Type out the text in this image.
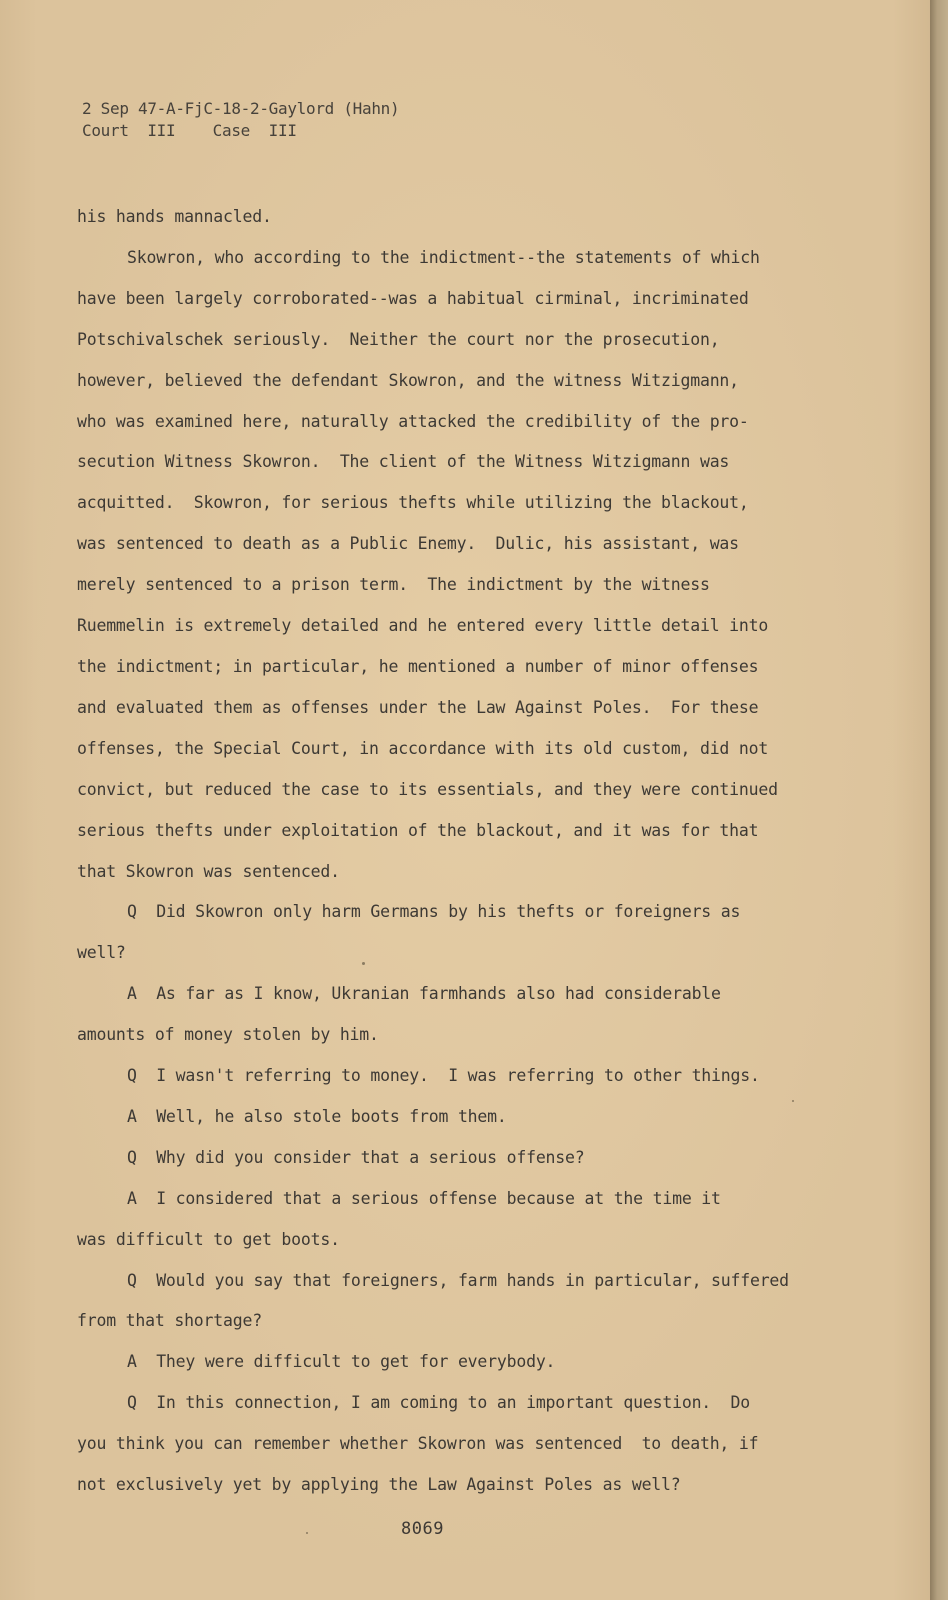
2 Sep 47-A-FjC-18-2-Gaylord (Hahn)
Court  III    Case  III

his hands mannacled.

Skowron, who according to the indictment--the statements of which

have been largely corroborated--was a habitual cirminal, incriminated

Potschivalschek seriously.  Neither the court nor the prosecution,

however, believed the defendant Skowron, and the witness Witzigmann,

who was examined here, naturally attacked the credibility of the pro-

secution Witness Skowron.  The client of the Witness Witzigmann was

acquitted.  Skowron, for serious thefts while utilizing the blackout,

was sentenced to death as a Public Enemy.  Dulic, his assistant, was

merely sentenced to a prison term.  The indictment by the witness

Ruemmelin is extremely detailed and he entered every little detail into

the indictment; in particular, he mentioned a number of minor offenses

and evaluated them as offenses under the Law Against Poles.  For these

offenses, the Special Court, in accordance with its old custom, did not

convict, but reduced the case to its essentials, and they were continued

serious thefts under exploitation of the blackout, and it was for that

that Skowron was sentenced.

Q  Did Skowron only harm Germans by his thefts or foreigners as

well?

A  As far as I know, Ukranian farmhands also had considerable

amounts of money stolen by him.

Q  I wasn't referring to money.  I was referring to other things.

A  Well, he also stole boots from them.

Q  Why did you consider that a serious offense?

A  I considered that a serious offense because at the time it

was difficult to get boots.

Q  Would you say that foreigners, farm hands in particular, suffered

from that shortage?

A  They were difficult to get for everybody.

Q  In this connection, I am coming to an important question.  Do

you think you can remember whether Skowron was sentenced  to death, if

not exclusively yet by applying the Law Against Poles as well?

8069
